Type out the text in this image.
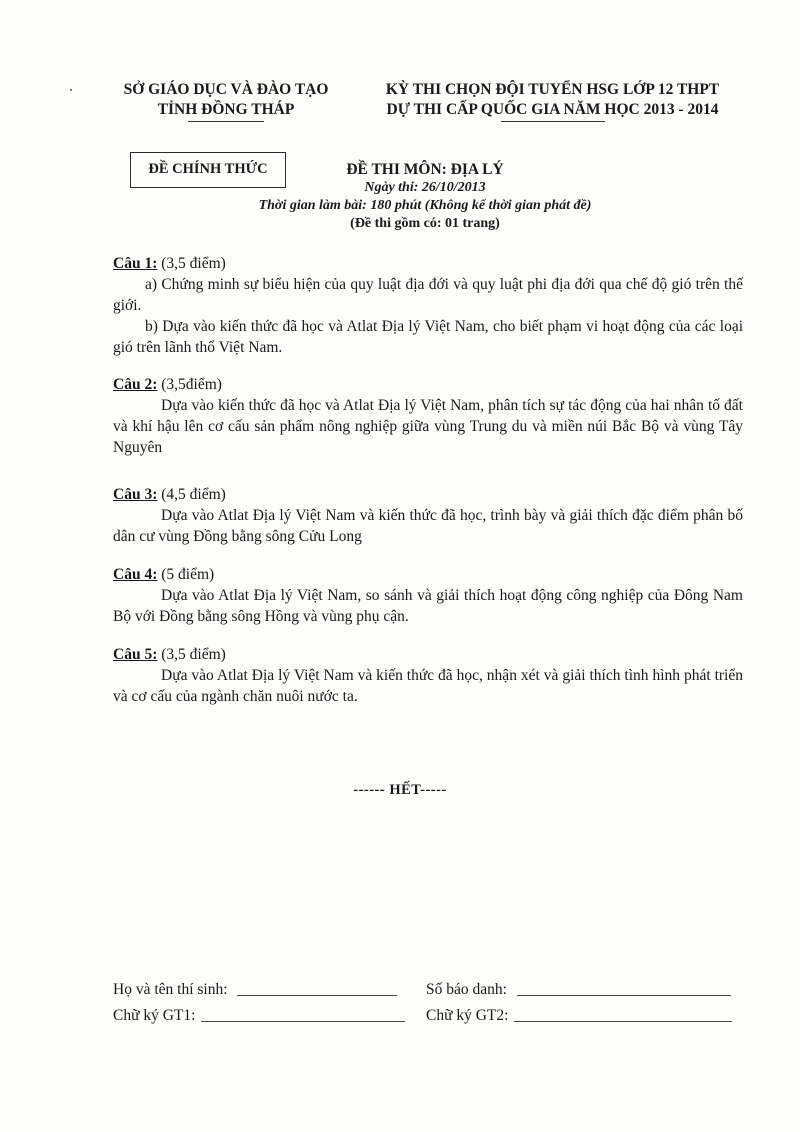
SỞ GIÁO DỤC VÀ ĐÀO TẠO
TỈNH ĐỒNG THÁP
KỲ THI CHỌN ĐỘI TUYỂN HSG LỚP 12 THPT
DỰ THI CẤP QUỐC GIA NĂM HỌC 2013 - 2014
ĐỀ CHÍNH THỨC	ĐỀ THI MÔN: ĐỊA LÝ
Ngày thi: 26/10/2013
Thời gian làm bài: 180 phút (Không kể thời gian phát đề)
(Đề thi gồm có: 01 trang)

Câu 1: (3,5 điểm)

a) Chứng minh sự biểu hiện của quy luật địa đới và quy luật phi địa đới qua chế độ gió trên thế giới.

b) Dựa vào kiến thức đã học và Atlat Địa lý Việt Nam, cho biết phạm vi hoạt động của các loại gió trên lãnh thổ Việt Nam.

Câu 2: (3,5điểm)

Dựa vào kiến thức đã học và Atlat Địa lý Việt Nam, phân tích sự tác động của hai nhân tố đất và khí hậu lên cơ cấu sản phẩm nông nghiệp giữa vùng Trung du và miền núi Bắc Bộ và vùng Tây Nguyên

Câu 3: (4,5 điểm)

Dựa vào Atlat Địa lý Việt Nam và kiến thức đã học, trình bày và giải thích đặc điểm phân bố dân cư vùng Đồng bằng sông Cửu Long

Câu 4: (5 điểm)

Dựa vào Atlat Địa lý Việt Nam, so sánh và giải thích hoạt động công nghiệp của Đông Nam Bộ với Đồng bằng sông Hồng và vùng phụ cận.

Câu 5: (3,5 điểm)

Dựa vào Atlat Địa lý Việt Nam và kiến thức đã học, nhận xét và giải thích tình hình phát triển và cơ cấu của ngành chăn nuôi nước ta.

------ HẾT-----
Họ và tên thí sinh:	Số báo danh:
Chữ ký GT1:	Chữ ký GT2:
